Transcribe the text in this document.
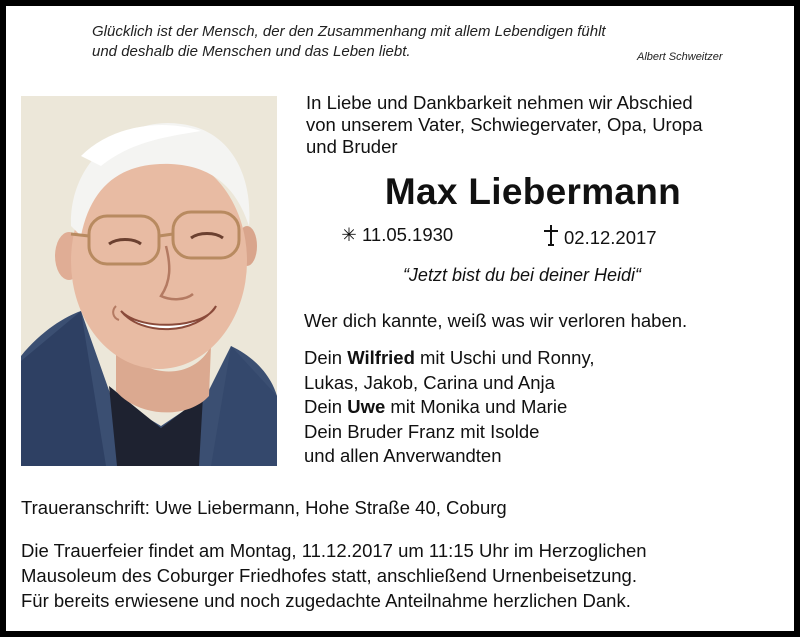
Glücklich ist der Mensch, der den Zusammenhang mit allem Lebendigen fühlt
und deshalb die Menschen und das Leben liebt.	Albert Schweitzer
In Liebe und Dankbarkeit nehmen wir Abschied
von unserem Vater, Schwiegervater, Opa, Uropa
und Bruder
Max Liebermann
✳ 11.05.1930	02.12.2017
“Jetzt bist du bei deiner Heidi“
Wer dich kannte, weiß was wir verloren haben.
Dein Wilfried mit Uschi und Ronny,
Lukas, Jakob, Carina und Anja
Dein Uwe mit Monika und Marie
Dein Bruder Franz mit Isolde
und allen Anverwandten
Traueranschrift: Uwe Liebermann, Hohe Straße 40, Coburg
Die Trauerfeier findet am Montag, 11.12.2017 um 11:15 Uhr im Herzoglichen
Mausoleum des Coburger Friedhofes statt, anschließend Urnenbeisetzung.
Für bereits erwiesene und noch zugedachte Anteilnahme herzlichen Dank.
